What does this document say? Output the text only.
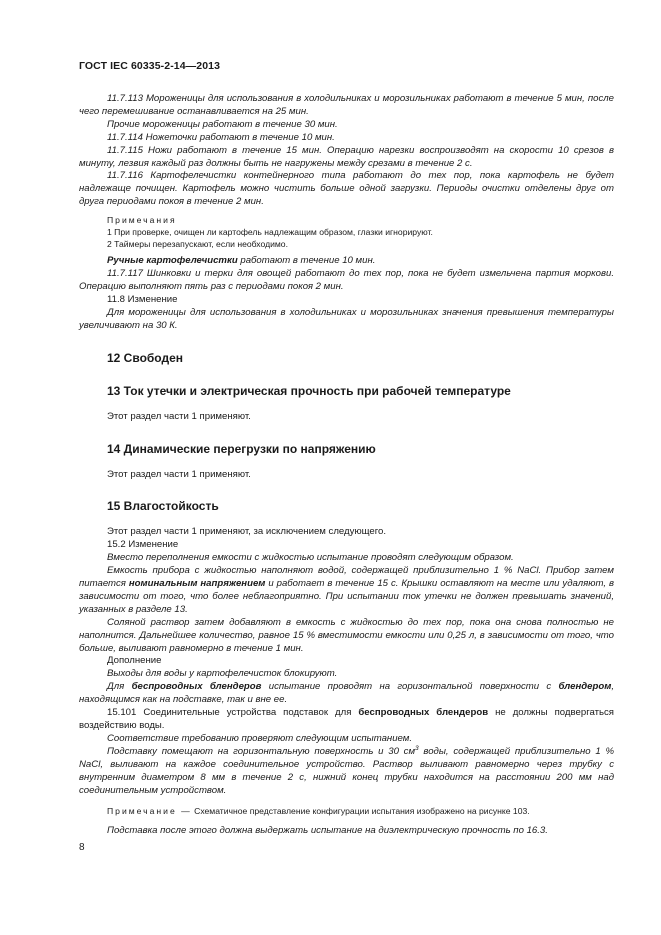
ГОСТ IEC 60335-2-14—2013

11.7.113 Мороженицы для использования в холодильниках и морозильниках работают в течение 5 мин, после чего перемешивание останавливается на 25 мин.

Прочие мороженицы работают в течение 30 мин.

11.7.114 Ножеточки работают в течение 10 мин.

11.7.115 Ножи работают в течение 15 мин. Операцию нарезки воспроизводят на скорости 10 срезов в минуту, лезвия каждый раз должны быть не нагружены между срезами в течение 2 с.

11.7.116 Картофелечистки контейнерного типа работают до тех пор, пока картофель не будет надлежаще почищен. Картофель можно чистить больше одной загрузки. Периоды очистки отделены друг от друга периодами покоя в течение 2 мин.

Примечания

1 При проверке, очищен ли картофель надлежащим образом, глазки игнорируют.

2 Таймеры перезапускают, если необходимо.

Ручные картофелечистки работают в течение 10 мин.

11.7.117 Шинковки и терки для овощей работают до тех пор, пока не будет измельчена партия моркови. Операцию выполняют пять раз с периодами покоя 2 мин.

11.8 Изменение

Для мороженицы для использования в холодильниках и морозильниках значения превышения температуры увеличивают на 30 К.

12 Свободен

13 Ток утечки и электрическая прочность при рабочей температуре

Этот раздел части 1 применяют.

14 Динамические перегрузки по напряжению

Этот раздел части 1 применяют.

15 Влагостойкость

Этот раздел части 1 применяют, за исключением следующего.

15.2 Изменение

Вместо переполнения емкости с жидкостью испытание проводят следующим образом.

Емкость прибора с жидкостью наполняют водой, содержащей приблизительно 1 % NaCl. Прибор затем питается номинальным напряжением и работает в течение 15 с. Крышки оставляют на месте или удаляют, в зависимости от того, что более неблагоприятно. При испытании ток утечки не должен превышать значений, указанных в разделе 13.

Соляной раствор затем добавляют в емкость с жидкостью до тех пор, пока она снова полностью не наполнится. Дальнейшее количество, равное 15 % вместимости емкости или 0,25 л, в зависимости от того, что больше, выливают равномерно в течение 1 мин.

Дополнение

Выходы для воды у картофелечисток блокируют.

Для беспроводных блендеров испытание проводят на горизонтальной поверхности с блендером, находящимся как на подставке, так и вне ее.

15.101 Соединительные устройства подставок для беспроводных блендеров не должны подвергаться воздействию воды.

Соответствие требованию проверяют следующим испытанием.

Подставку помещают на горизонтальную поверхность и 30 $см^3$ воды, содержащей приблизительно 1 % NaCl, выливают на каждое соединительное устройство. Раствор выливают равномерно через трубку с внутренним диаметром 8 мм в течение 2 с, нижний конец трубки находится на расстоянии 200 мм над соединительным устройством.

Примечание — Схематичное представление конфигурации испытания изображено на рисунке 103.

Подставка после этого должна выдержать испытание на диэлектрическую прочность по 16.3.

8
